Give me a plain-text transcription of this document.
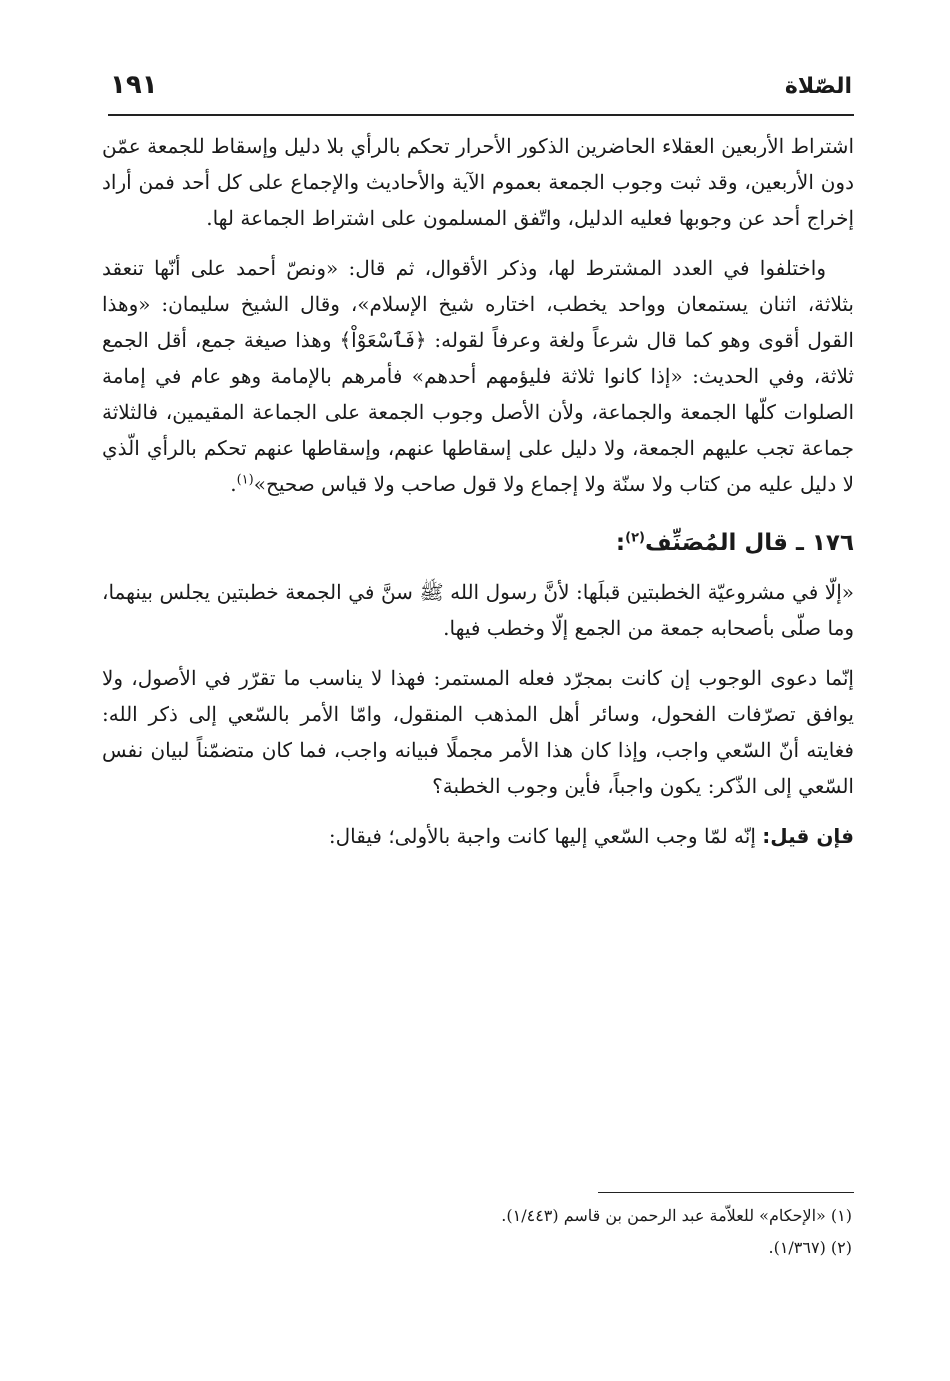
الصّلاة
١٩١

اشتراط الأربعين العقلاء الحاضرين الذكور الأحرار تحكم بالرأي بلا دليل وإسقاط للجمعة عمّن دون الأربعين، وقد ثبت وجوب الجمعة بعموم الآية والأحاديث والإجماع على كل أحد فمن أراد إخراج أحد عن وجوبها فعليه الدليل، واتّفق المسلمون على اشتراط الجماعة لها.

واختلفوا في العدد المشترط لها، وذكر الأقوال، ثم قال: «ونصّ أحمد على أنّها تنعقد بثلاثة، اثنان يستمعان وواحد يخطب، اختاره شيخ الإسلام»، وقال الشيخ سليمان: «وهذا القول أقوى وهو كما قال شرعاً ولغة وعرفاً لقوله: ﴿فَٱسْعَوْاْ﴾ وهذا صيغة جمع، أقل الجمع ثلاثة، وفي الحديث: «إذا كانوا ثلاثة فليؤمهم أحدهم» فأمرهم بالإمامة وهو عام في إمامة الصلوات كلّها الجمعة والجماعة، ولأن الأصل وجوب الجمعة على الجماعة المقيمين، فالثلاثة جماعة تجب عليهم الجمعة، ولا دليل على إسقاطها عنهم، وإسقاطها عنهم تحكم بالرأي الّذي لا دليل عليه من كتاب ولا سنّة ولا إجماع ولا قول صاحب ولا قياس صحيح»$^{(١)}$.

١٧٦ ـ قال المُصَنِّف$^{(٢)}$:

«إلّا في مشروعيّة الخطبتين قبلَها: لأنَّ رسول الله ﷺ سنَّ في الجمعة خطبتين يجلس بينهما، وما صلّى بأصحابه جمعة من الجمع إلّا وخطب فيها.

إنّما دعوى الوجوب إن كانت بمجرّد فعله المستمر: فهذا لا يناسب ما تقرّر في الأصول، ولا يوافق تصرّفات الفحول، وسائر أهل المذهب المنقول، وامّا الأمر بالسّعي إلى ذكر الله: فغايته أنّ السّعي واجب، وإذا كان هذا الأمر مجملًا فبيانه واجب، فما كان متضمّناً لبيان نفس السّعي إلى الذّكر: يكون واجباً، فأين وجوب الخطبة؟

فإن قيل: إنّه لمّا وجب السّعي إليها كانت واجبة بالأولى؛ فيقال:

(١) «الإحكام» للعلاّمة عبد الرحمن بن قاسم (١/٤٤٣).
(٢) (١/٣٦٧).
